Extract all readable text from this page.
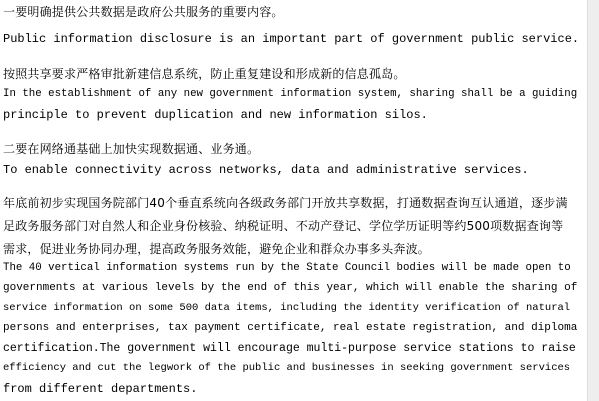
一要明确提供公共数据是政府公共服务的重要内容。
Public information disclosure is an important part of government public service.
按照共享要求严格审批新建信息系统，防止重复建设和形成新的信息孤岛。
In the establishment of any new government information system, sharing shall be a guiding
principle to prevent duplication and new information silos.
二要在网络通基础上加快实现数据通、业务通。
To enable connectivity across networks, data and administrative services.
年底前初步实现国务院部门40个垂直系统向各级政务部门开放共享数据，打通数据查询互认通道，逐步满
足政务服务部门对自然人和企业身份核验、纳税证明、不动产登记、学位学历证明等约500项数据查询等
需求，促进业务协同办理，提高政务服务效能，避免企业和群众办事多头奔波。
The 40 vertical information systems run by the State Council bodies will be made open to
governments at various levels by the end of this year, which will enable the sharing of
service information on some 500 data items, including the identity verification of natural
persons and enterprises, tax payment certificate, real estate registration, and diploma
certification.The government will encourage multi-purpose service stations to raise
efficiency and cut the legwork of the public and businesses in seeking government services
from different departments.
